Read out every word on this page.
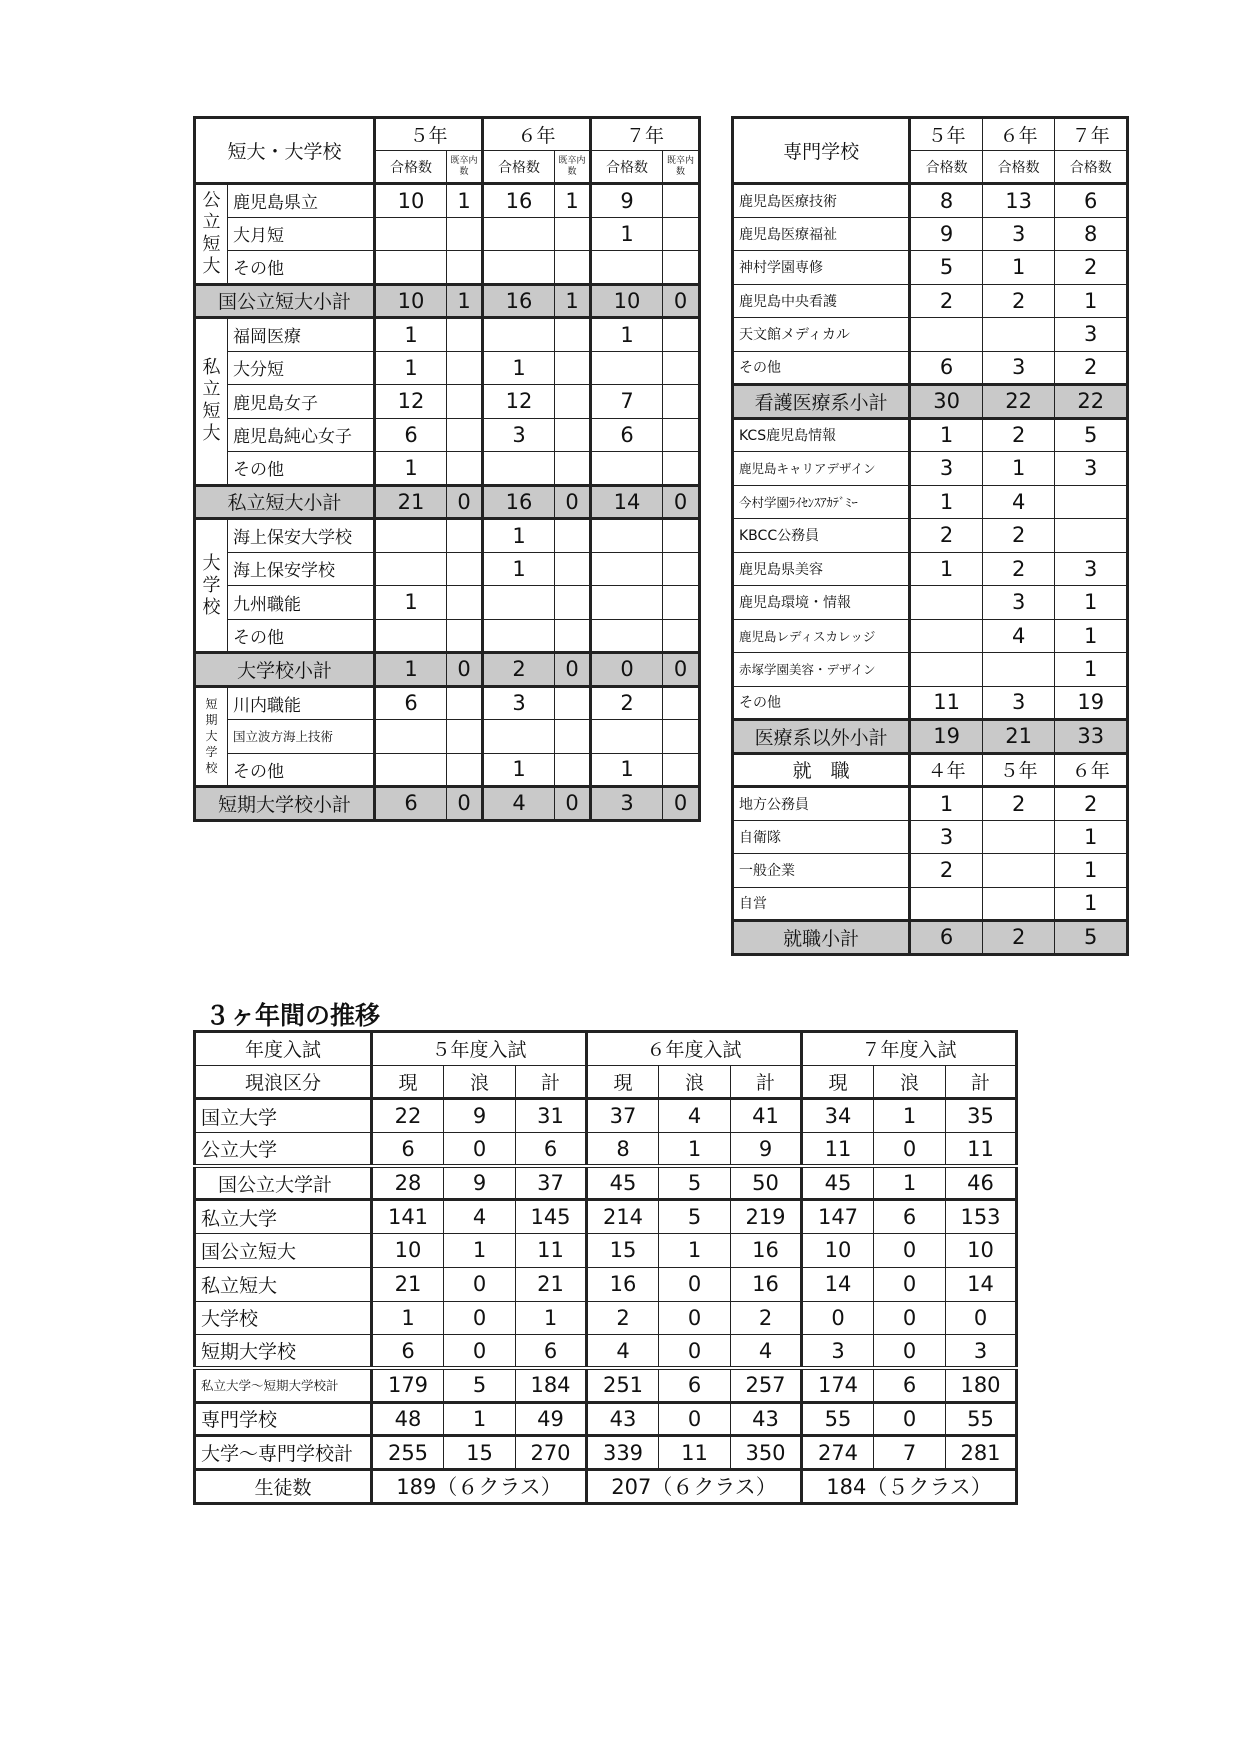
短大・大学校		５年		６年		７年	
		合格数	既卒内数	合格数	既卒内数	合格数	既卒内数

公
立
短
大	鹿児島県立	10	1	16	1	9	
	大月短					1	
	その他						
国公立短大小計		10	1	16	1	10	0

私
立
短
大	福岡医療	1				1	
	大分短	1		1			
	鹿児島女子	12		12		7	
	鹿児島純心女子	6		3		6	
	その他	1					
私立短大小計		21	0	16	0	14	0

大
学
校	海上保安大学校			1			
	海上保安学校			1			
	九州職能	1					
	その他						
大学校小計		1	0	2	0	0	0

短
期
大
学
校	川内職能	6		3		2	
	国立波方海上技術						
	その他			1		1	
短期大学校小計		6	0	4	0	3	0
専門学校	５年	６年	７年
	合格数	合格数	合格数
鹿児島医療技術	8	13	6
鹿児島医療福祉	9	3	8
神村学園専修	5	1	2
鹿児島中央看護	2	2	1
天文館メディカル			3
その他	6	3	2
看護医療系小計	30	22	22
KCS鹿児島情報	1	2	5
鹿児島キャリアデザイン	3	1	3
今村学園ﾗｲｾﾝｽｱｶﾃﾞﾐｰ	1	4	
KBCC公務員	2	2	
鹿児島県美容	1	2	3
鹿児島環境・情報		3	1
鹿児島レディスカレッジ		4	1
赤塚学園美容・デザイン			1
その他	11	3	19
医療系以外小計	19	21	33
就　職	４年	５年	６年
地方公務員	1	2	2
自衛隊	3		1
一般企業	2		1
自営			1
就職小計	6	2	5
３ヶ年間の推移
年度入試	５年度入試			６年度入試			７年度入試		
現浪区分	現	浪	計	現	浪	計	現	浪	計
国立大学	22	9	31	37	4	41	34	1	35
公立大学	6	0	6	8	1	9	11	0	11
国公立大学計	28	9	37	45	5	50	45	1	46
私立大学	141	4	145	214	5	219	147	6	153
国公立短大	10	1	11	15	1	16	10	0	10
私立短大	21	0	21	16	0	16	14	0	14
大学校	1	0	1	2	0	2	0	0	0
短期大学校	6	0	6	4	0	4	3	0	3
私立大学～短期大学校計	179	5	184	251	6	257	174	6	180
専門学校	48	1	49	43	0	43	55	0	55
大学～専門学校計	255	15	270	339	11	350	274	7	281
生徒数	189（６クラス）			207（６クラス）			184（５クラス）		
